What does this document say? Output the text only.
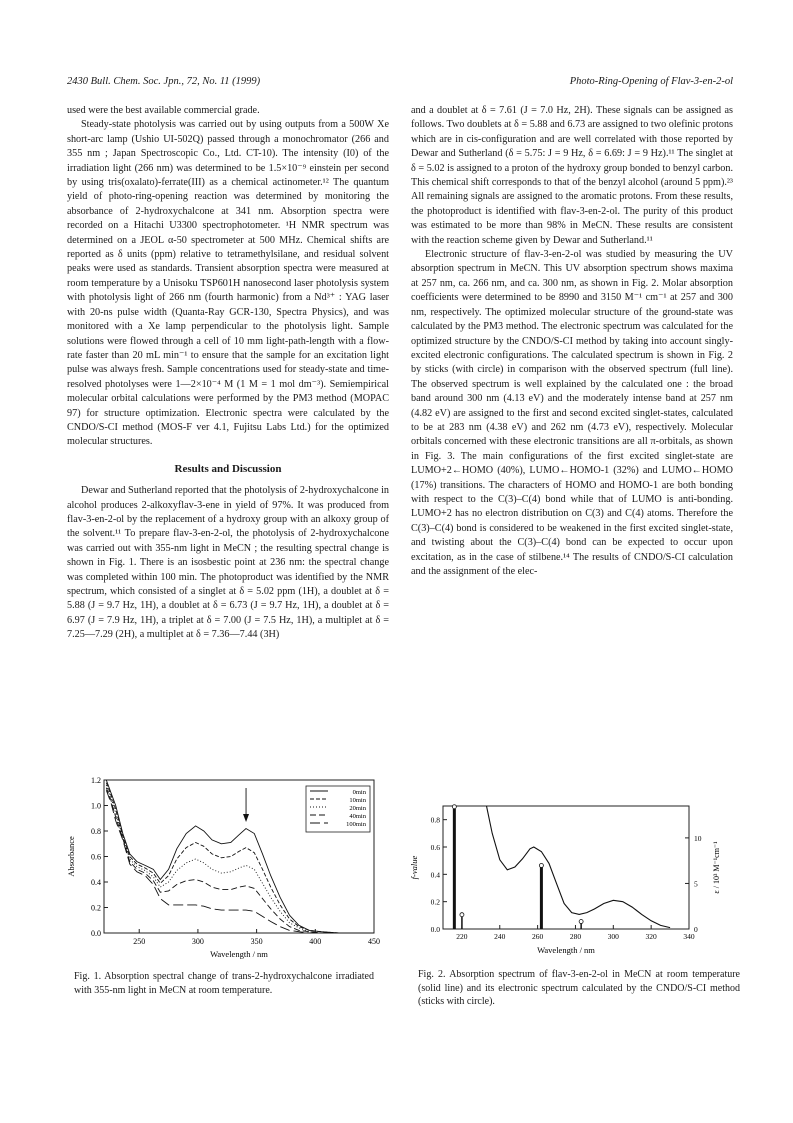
2430 Bull. Chem. Soc. Jpn., 72, No. 11 (1999)	Photo-Ring-Opening of Flav-3-en-2-ol

used were the best available commercial grade.

Steady-state photolysis was carried out by using outputs from a 500W Xe short-arc lamp (Ushio UI-502Q) passed through a monochromator (266 and 355 nm ; Japan Spectroscopic Co., Ltd. CT-10). The intensity (I0) of the irradiation light (266 nm) was determined to be 1.5×10⁻⁹ einstein per second by using tris(oxalato)-ferrate(III) as a chemical actinometer.¹² The quantum yield of photo-ring-opening reaction was determined by monitoring the absorbance of 2-hydroxychalcone at 341 nm. Absorption spectra were recorded on a Hitachi U3300 spectrophotometer. ¹H NMR spectrum was determined on a JEOL α-50 spectrometer at 500 MHz. Chemical shifts are reported as δ units (ppm) relative to tetramethylsilane, and residual solvent peaks were used as standards. Transient absorption spectra were measured at room temperature by a Unisoku TSP601H nanosecond laser photolysis system with photolysis light of 266 nm (fourth harmonic) from a Nd³⁺ : YAG laser with 20-ns pulse width (Quanta-Ray GCR-130, Spectra Physics), and was monitored with a Xe lamp perpendicular to the photolysis light. Sample solutions were flowed through a cell of 10 mm light-path-length with a flow-rate faster than 20 mL min⁻¹ to ensure that the sample for an excitation light pulse was always fresh. Sample concentrations used for steady-state and time-resolved photolyses were 1—2×10⁻⁴ M (1 M = 1 mol dm⁻³). Semiempirical molecular orbital calculations were performed by the PM3 method (MOPAC 97) for structure optimization. Electronic spectra were calculated by the CNDO/S-CI method (MOS-F ver 4.1, Fujitsu Labs Ltd.) for the optimized molecular structures.

Results and Discussion

Dewar and Sutherland reported that the photolysis of 2-hydroxychalcone in alcohol produces 2-alkoxyflav-3-ene in yield of 97%. It was produced from flav-3-en-2-ol by the replacement of a hydroxy group with an alkoxy group of the solvent.¹¹ To prepare flav-3-en-2-ol, the photolysis of 2-hydroxychalcone was carried out with 355-nm light in MeCN ; the resulting spectral change is shown in Fig. 1. There is an isosbestic point at 236 nm: the spectral change was completed within 100 min. The photoproduct was identified by the NMR spectrum, which consisted of a singlet at δ = 5.02 ppm (1H), a doublet at δ = 5.88 (J = 9.7 Hz, 1H), a doublet at δ = 6.73 (J = 9.7 Hz, 1H), a doublet at δ = 6.97 (J = 7.9 Hz, 1H), a triplet at δ = 7.00 (J = 7.5 Hz, 1H), a multiplet at δ = 7.25—7.29 (2H), a multiplet at δ = 7.36—7.44 (3H)

and a doublet at δ = 7.61 (J = 7.0 Hz, 2H). These signals can be assigned as follows. Two doublets at δ = 5.88 and 6.73 are assigned to two olefinic protons which are in cis-configuration and are well correlated with those reported by Dewar and Sutherland (δ = 5.75: J = 9 Hz, δ = 6.69: J = 9 Hz).¹¹ The singlet at δ = 5.02 is assigned to a proton of the hydroxy group bonded to benzyl carbon. This chemical shift corresponds to that of the benzyl alcohol (around 5 ppm).²³ All remaining signals are assigned to the aromatic protons. From these results, the photoproduct is identified with flav-3-en-2-ol. The purity of this product was estimated to be more than 98% in MeCN. These results are consistent with the reaction scheme given by Dewar and Sutherland.¹¹

Electronic structure of flav-3-en-2-ol was studied by measuring the UV absorption spectrum in MeCN. This UV absorption spectrum shows maxima at 257 nm, ca. 266 nm, and ca. 300 nm, as shown in Fig. 2. Molar absorption coefficients were determined to be 8990 and 3150 M⁻¹ cm⁻¹ at 257 and 300 nm, respectively. The optimized molecular structure of the ground-state was calculated by the PM3 method. The electronic spectrum was calculated for the optimized structure by the CNDO/S-CI method by taking into account singly-excited electronic configurations. The calculated spectrum is shown in Fig. 2 by sticks (with circle) in comparison with the observed spectrum (full line). The observed spectrum is well explained by the calculated one : the broad band around 300 nm (4.13 eV) and the moderately intense band at 257 nm (4.82 eV) are assigned to the first and second excited singlet-states, calculated to be at 283 nm (4.38 eV) and 262 nm (4.73 eV), respectively. Molecular orbitals concerned with these electronic transitions are all π-orbitals, as shown in Fig. 3. The main configurations of the first excited singlet-state are LUMO+2←HOMO (40%), LUMO←HOMO-1 (32%) and LUMO←HOMO (17%) transitions. The characters of HOMO and HOMO-1 are both bonding with respect to the C(3)–C(4) bond while that of LUMO is anti-bonding. LUMO+2 has no electron distribution on C(3) and C(4) atoms. Therefore the C(3)–C(4) bond is considered to be weakened in the first excited singlet-state, and twisting about the C(3)–C(4) bond can be expected to occur upon excitation, as in the case of stilbene.¹⁴ The results of CNDO/S-CI calculation and the assignment of the elec-

0.0
0.2
0.4
0.6
0.8
1.0
1.2
250	300	350	400	450
Wavelength / nm
Absorbance
0min
10min
20min
40min
100min
Fig. 1. Absorption spectral change of trans-2-hydroxychalcone irradiated with 355-nm light in MeCN at room temperature.
0.0
0.2
0.4
0.6
0.8
0
5
10
220	240	260	280	300	320	340
Wavelength / nm
f-value	ε / 10³ M⁻¹cm⁻¹
Fig. 2. Absorption spectrum of flav-3-en-2-ol in MeCN at room temperature (solid line) and its electronic spectrum calculated by the CNDO/S-CI method (sticks with circle).
